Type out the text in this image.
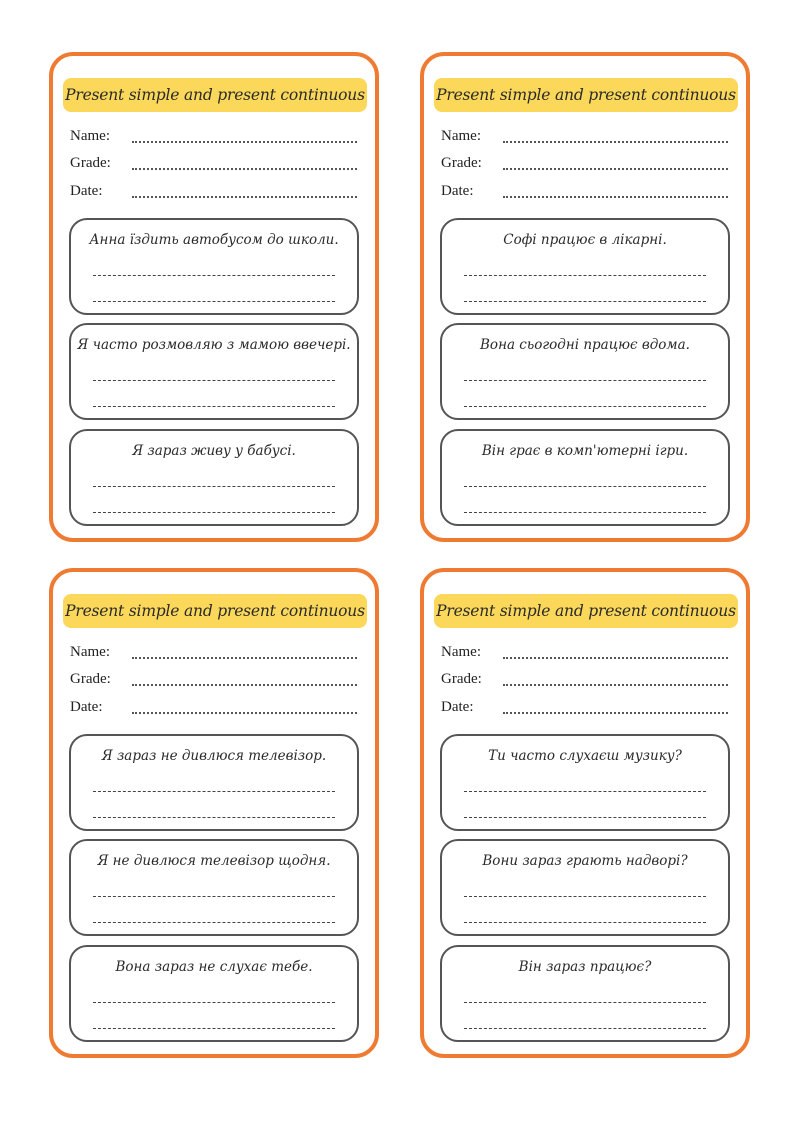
Present simple and present continuous
Name:
Grade:
Date:
Анна їздить автобусом до школи.
Я часто розмовляю з мамою ввечері.
Я зараз живу у бабусі.
Present simple and present continuous
Name:
Grade:
Date:
Софі працює в лікарні.
Вона сьогодні працює вдома.
Він грає в комп'ютерні ігри.
Present simple and present continuous
Name:
Grade:
Date:
Я зараз не дивлюся телевізор.
Я не дивлюся телевізор щодня.
Вона зараз не слухає тебе.
Present simple and present continuous
Name:
Grade:
Date:
Ти часто слухаєш музику?
Вони зараз грають надворі?
Він зараз працює?
